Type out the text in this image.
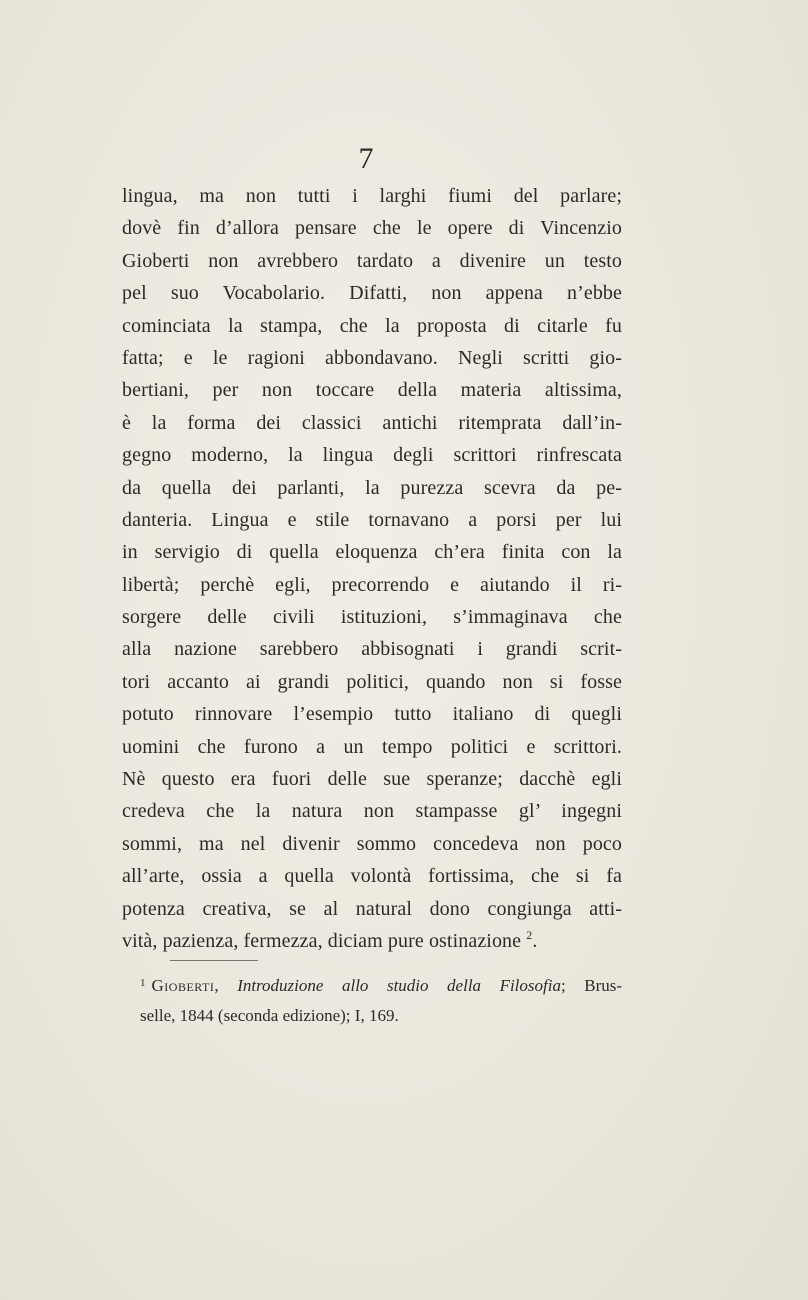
7
lingua, ma non tutti i larghi fiumi del parlare;
dovè fin d’allora pensare che le opere di Vincenzio
Gioberti non avrebbero tardato a divenire un testo
pel suo Vocabolario. Difatti, non appena n’ebbe
cominciata la stampa, che la proposta di citarle fu
fatta; e le ragioni abbondavano. Negli scritti gio-
bertiani, per non toccare della materia altissima,
è la forma dei classici antichi ritemprata dall’in-
gegno moderno, la lingua degli scrittori rinfrescata
da quella dei parlanti, la purezza scevra da pe-
danteria. Lingua e stile tornavano a porsi per lui
in servigio di quella eloquenza ch’era finita con la
libertà; perchè egli, precorrendo e aiutando il ri-
sorgere delle civili istituzioni, s’immaginava che
alla nazione sarebbero abbisognati i grandi scrit-
tori accanto ai grandi politici, quando non si fosse
potuto rinnovare l’esempio tutto italiano di quegli
uomini che furono a un tempo politici e scrittori.
Nè questo era fuori delle sue speranze; dacchè egli
credeva che la natura non stampasse gl’ ingegni
sommi, ma nel divenir sommo concedeva non poco
all’arte, ossia a quella volontà fortissima, che si fa
potenza creativa, se al natural dono congiunga atti-
vità, pazienza, fermezza, diciam pure ostinazione $^2$.
$^1$ Gioberti, Introduzione allo studio della Filosofia; Brus-
selle, 1844 (seconda edizione); I, 169.
